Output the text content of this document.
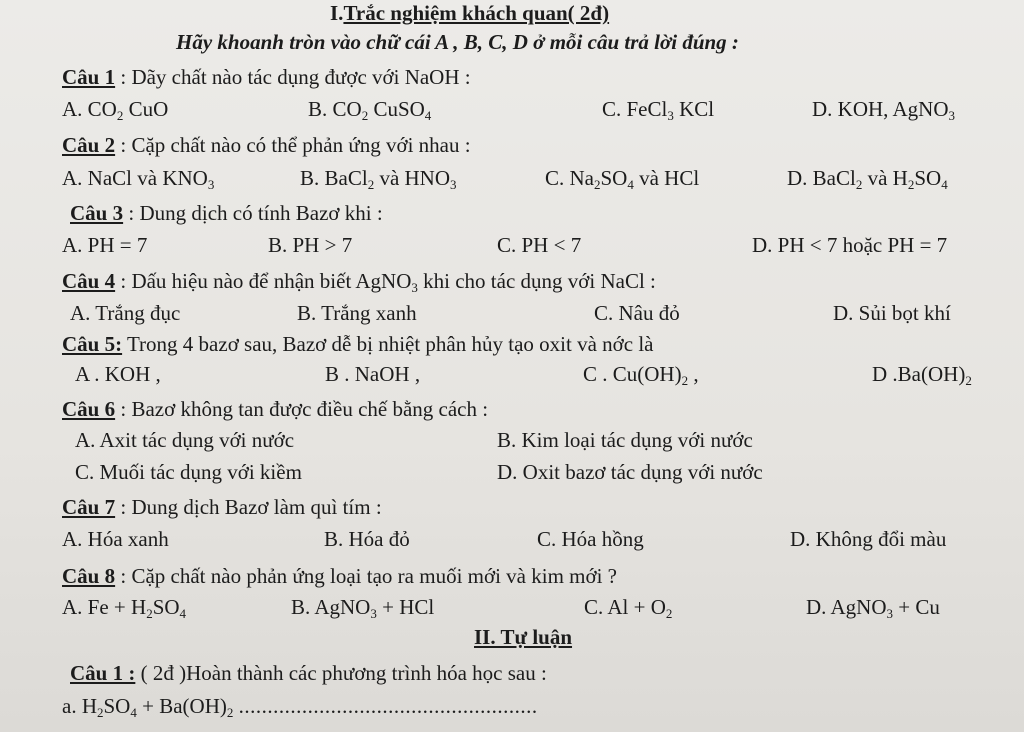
I.Trắc nghiệm khách quan( 2đ)
Hãy khoanh tròn vào chữ cái A , B, C, D ở mỗi câu trả lời đúng :
Câu 1 : Dãy chất nào tác dụng được với NaOH :
A. $CO_2$ CuO	B. $CO_2$ CuSO$_4$	C. FeCl$_3$ KCl	D. KOH, AgNO$_3$
Câu 2 : Cặp chất nào có thể phản ứng với nhau :
A. NaCl và $KNO_3$	B. BaCl$_2$ và $HNO_3$	C. $Na_2SO_4$ và HCl	D. BaCl$_2$ và $H_2SO_4$
Câu 3 : Dung dịch có tính Bazơ khi :
A. PH = 7	B. PH > 7	C. PH < 7	D. PH < 7 hoặc PH = 7
Câu 4 : Dấu hiệu nào để nhận biết AgNO$_3$ khi cho tác dụng với NaCl :
A. Trắng đục	B. Trắng xanh	C. Nâu đỏ	D. Sủi bọt khí
Câu 5: Trong 4 bazơ sau, Bazơ dễ bị nhiệt phân hủy tạo oxit và nớc là
A . KOH ,	B . NaOH ,	C . $Cu(OH)_2$ ,	D $.Ba(OH)_2$
Câu 6 : Bazơ không tan được điều chế bằng cách :
A. Axit tác dụng với nước	B. Kim loại tác dụng với nước
C. Muối tác dụng với kiềm	D. Oxit bazơ tác dụng với nước
Câu 7 : Dung dịch Bazơ làm quì tím :
A. Hóa xanh	B. Hóa đỏ	C. Hóa hồng	D. Không đổi màu
Câu 8 : Cặp chất nào phản ứng loại tạo ra muối mới và kim mới ?
A. $Fe + H_2SO_4$	B. AgNO$_3$ + HCl	C. $Al + O_2$	D. AgNO$_3$ + Cu
II. Tự luận
Câu 1 : ( 2đ )Hoàn thành các phương trình hóa học sau :
a. $H_2SO_4 + Ba(OH)_2$ ....................................................
